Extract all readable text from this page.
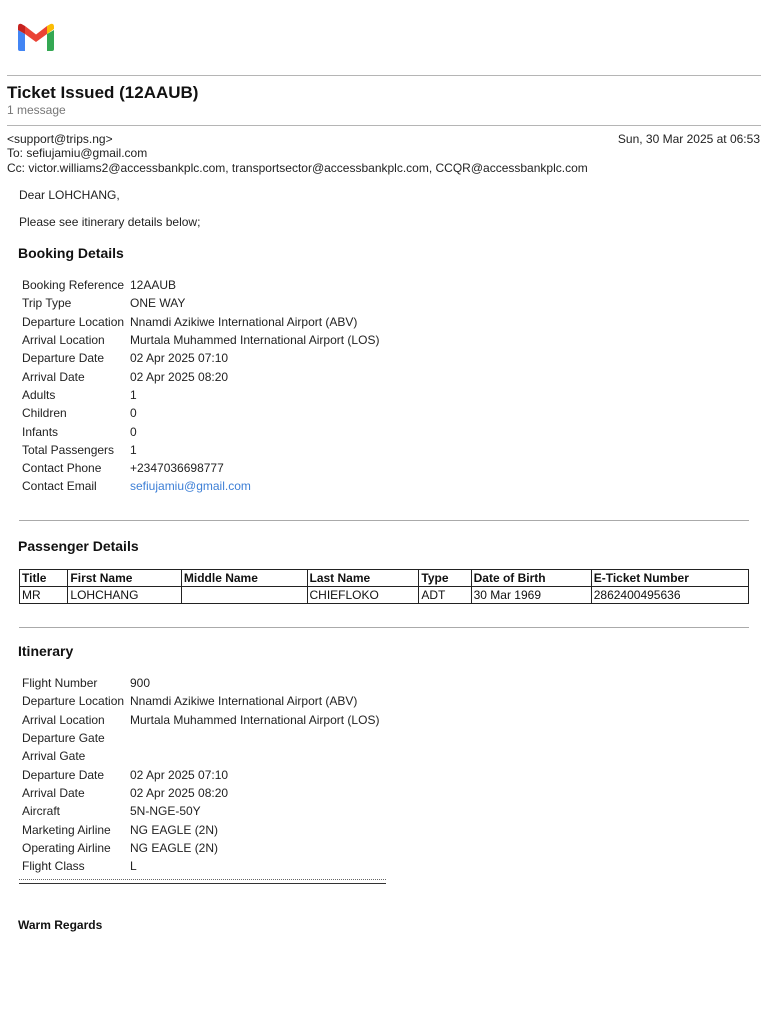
Ticket Issued (12AAUB)
1 message
<support@trips.ng>	Sun, 30 Mar 2025 at 06:53
To: sefiujamiu@gmail.com
Cc: victor.williams2@accessbankplc.com, transportsector@accessbankplc.com, CCQR@accessbankplc.com
Dear LOHCHANG,
Please see itinerary details below;
Booking Details
Booking Reference	12AAUB
Trip Type	ONE WAY
Departure Location	Nnamdi Azikiwe International Airport (ABV)
Arrival Location	Murtala Muhammed International Airport (LOS)
Departure Date	02 Apr 2025 07:10
Arrival Date	02 Apr 2025 08:20
Adults	1
Children	0
Infants	0
Total Passengers	1
Contact Phone	+2347036698777
Contact Email	sefiujamiu@gmail.com
Passenger Details
Title	First Name	Middle Name	Last Name	Type	Date of Birth	E-Ticket Number
MR	LOHCHANG		CHIEFLOKO	ADT	30 Mar 1969	2862400495636
Itinerary
Flight Number	900
Departure Location	Nnamdi Azikiwe International Airport (ABV)
Arrival Location	Murtala Muhammed International Airport (LOS)
Departure Gate	
Arrival Gate	
Departure Date	02 Apr 2025 07:10
Arrival Date	02 Apr 2025 08:20
Aircraft	5N-NGE-50Y
Marketing Airline	NG EAGLE (2N)
Operating Airline	NG EAGLE (2N)
Flight Class	L
Warm Regards
